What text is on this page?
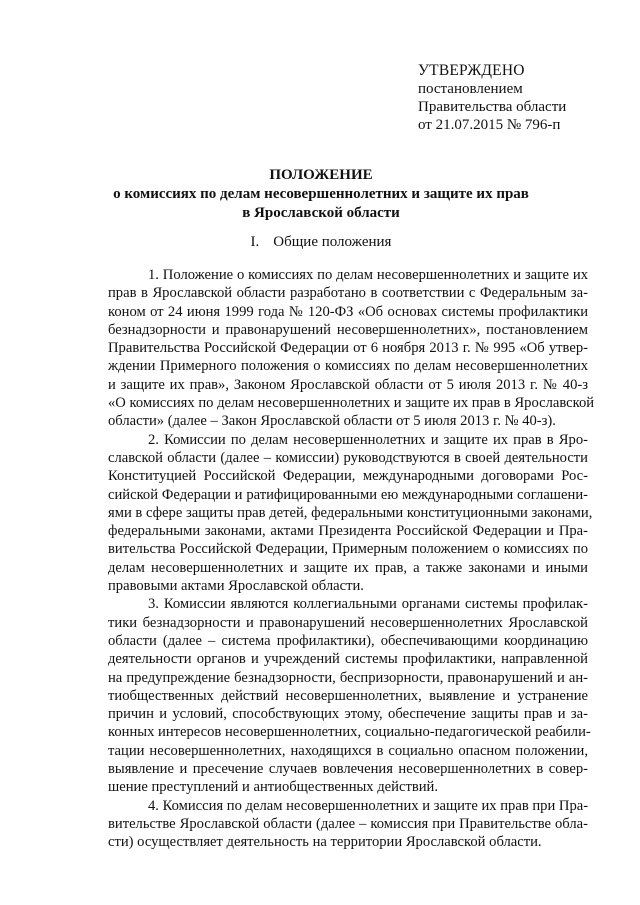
УТВЕРЖДЕНО
постановлением
Правительства области
от 21.07.2015 № 796-п
ПОЛОЖЕНИЕ
о комиссиях по делам несовершеннолетних и защите их прав
в Ярославской области
I. Общие положения

1. Положение о комиссиях по делам несовершеннолетних и защите их
прав в Ярославской области разработано в соответствии с Федеральным за-
коном от 24 июня 1999 года № 120-ФЗ «Об основах системы профилактики
безнадзорности и правонарушений несовершеннолетних», постановлением
Правительства Российской Федерации от 6 ноября 2013 г. № 995 «Об утвер-
ждении Примерного положения о комиссиях по делам несовершеннолетних
и защите их прав», Законом Ярославской области от 5 июля 2013 г. № 40-з
«О комиссиях по делам несовершеннолетних и защите их прав в Ярославской
области» (далее – Закон Ярославской области от 5 июля 2013 г. № 40-з).

2. Комиссии по делам несовершеннолетних и защите их прав в Яро-
славской области (далее – комиссии) руководствуются в своей деятельности
Конституцией Российской Федерации, международными договорами Рос-
сийской Федерации и ратифицированными ею международными соглашени-
ями в сфере защиты прав детей, федеральными конституционными законами,
федеральными законами, актами Президента Российской Федерации и Пра-
вительства Российской Федерации, Примерным положением о комиссиях по
делам несовершеннолетних и защите их прав, а также законами и иными
правовыми актами Ярославской области.

3. Комиссии являются коллегиальными органами системы профилак-
тики безнадзорности и правонарушений несовершеннолетних Ярославской
области (далее – система профилактики), обеспечивающими координацию
деятельности органов и учреждений системы профилактики, направленной
на предупреждение безнадзорности, беспризорности, правонарушений и ан-
тиобщественных действий несовершеннолетних, выявление и устранение
причин и условий, способствующих этому, обеспечение защиты прав и за-
конных интересов несовершеннолетних, социально-педагогической реабили-
тации несовершеннолетних, находящихся в социально опасном положении,
выявление и пресечение случаев вовлечения несовершеннолетних в совер-
шение преступлений и антиобщественных действий.

4. Комиссия по делам несовершеннолетних и защите их прав при Пра-
вительстве Ярославской области (далее – комиссия при Правительстве обла-
сти) осуществляет деятельность на территории Ярославской области.
